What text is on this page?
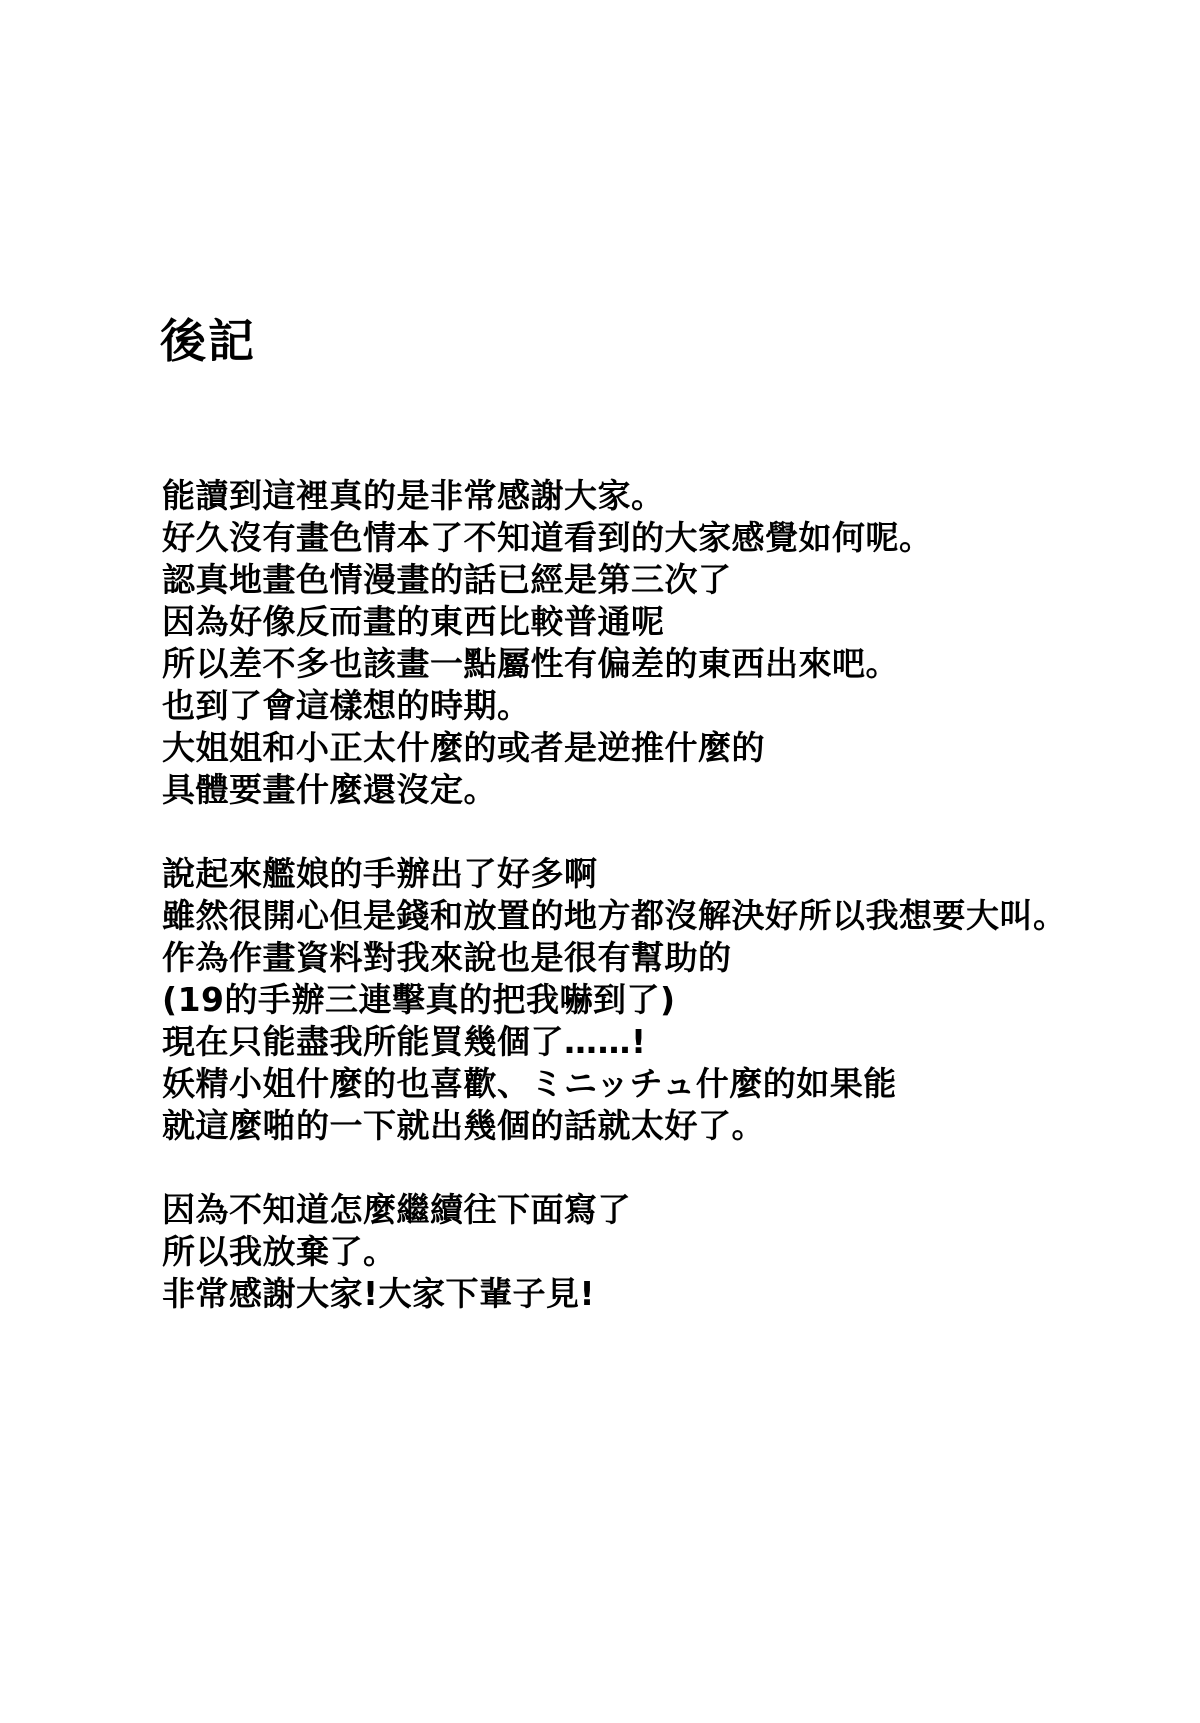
後記
能讀到這裡真的是非常感謝大家。
好久沒有畫色情本了不知道看到的大家感覺如何呢。
認真地畫色情漫畫的話已經是第三次了
因為好像反而畫的東西比較普通呢
所以差不多也該畫一點屬性有偏差的東西出來吧。
也到了會這樣想的時期。
大姐姐和小正太什麼的或者是逆推什麼的
具體要畫什麼還沒定。
說起來艦娘的手辦出了好多啊
雖然很開心但是錢和放置的地方都沒解決好所以我想要大叫。
作為作畫資料對我來說也是很有幫助的
(19的手辦三連擊真的把我嚇到了)
現在只能盡我所能買幾個了……!
妖精小姐什麼的也喜歡、ミニッチュ什麼的如果能
就這麼啪的一下就出幾個的話就太好了。
因為不知道怎麼繼續往下面寫了
所以我放棄了。
非常感謝大家!大家下輩子見!
